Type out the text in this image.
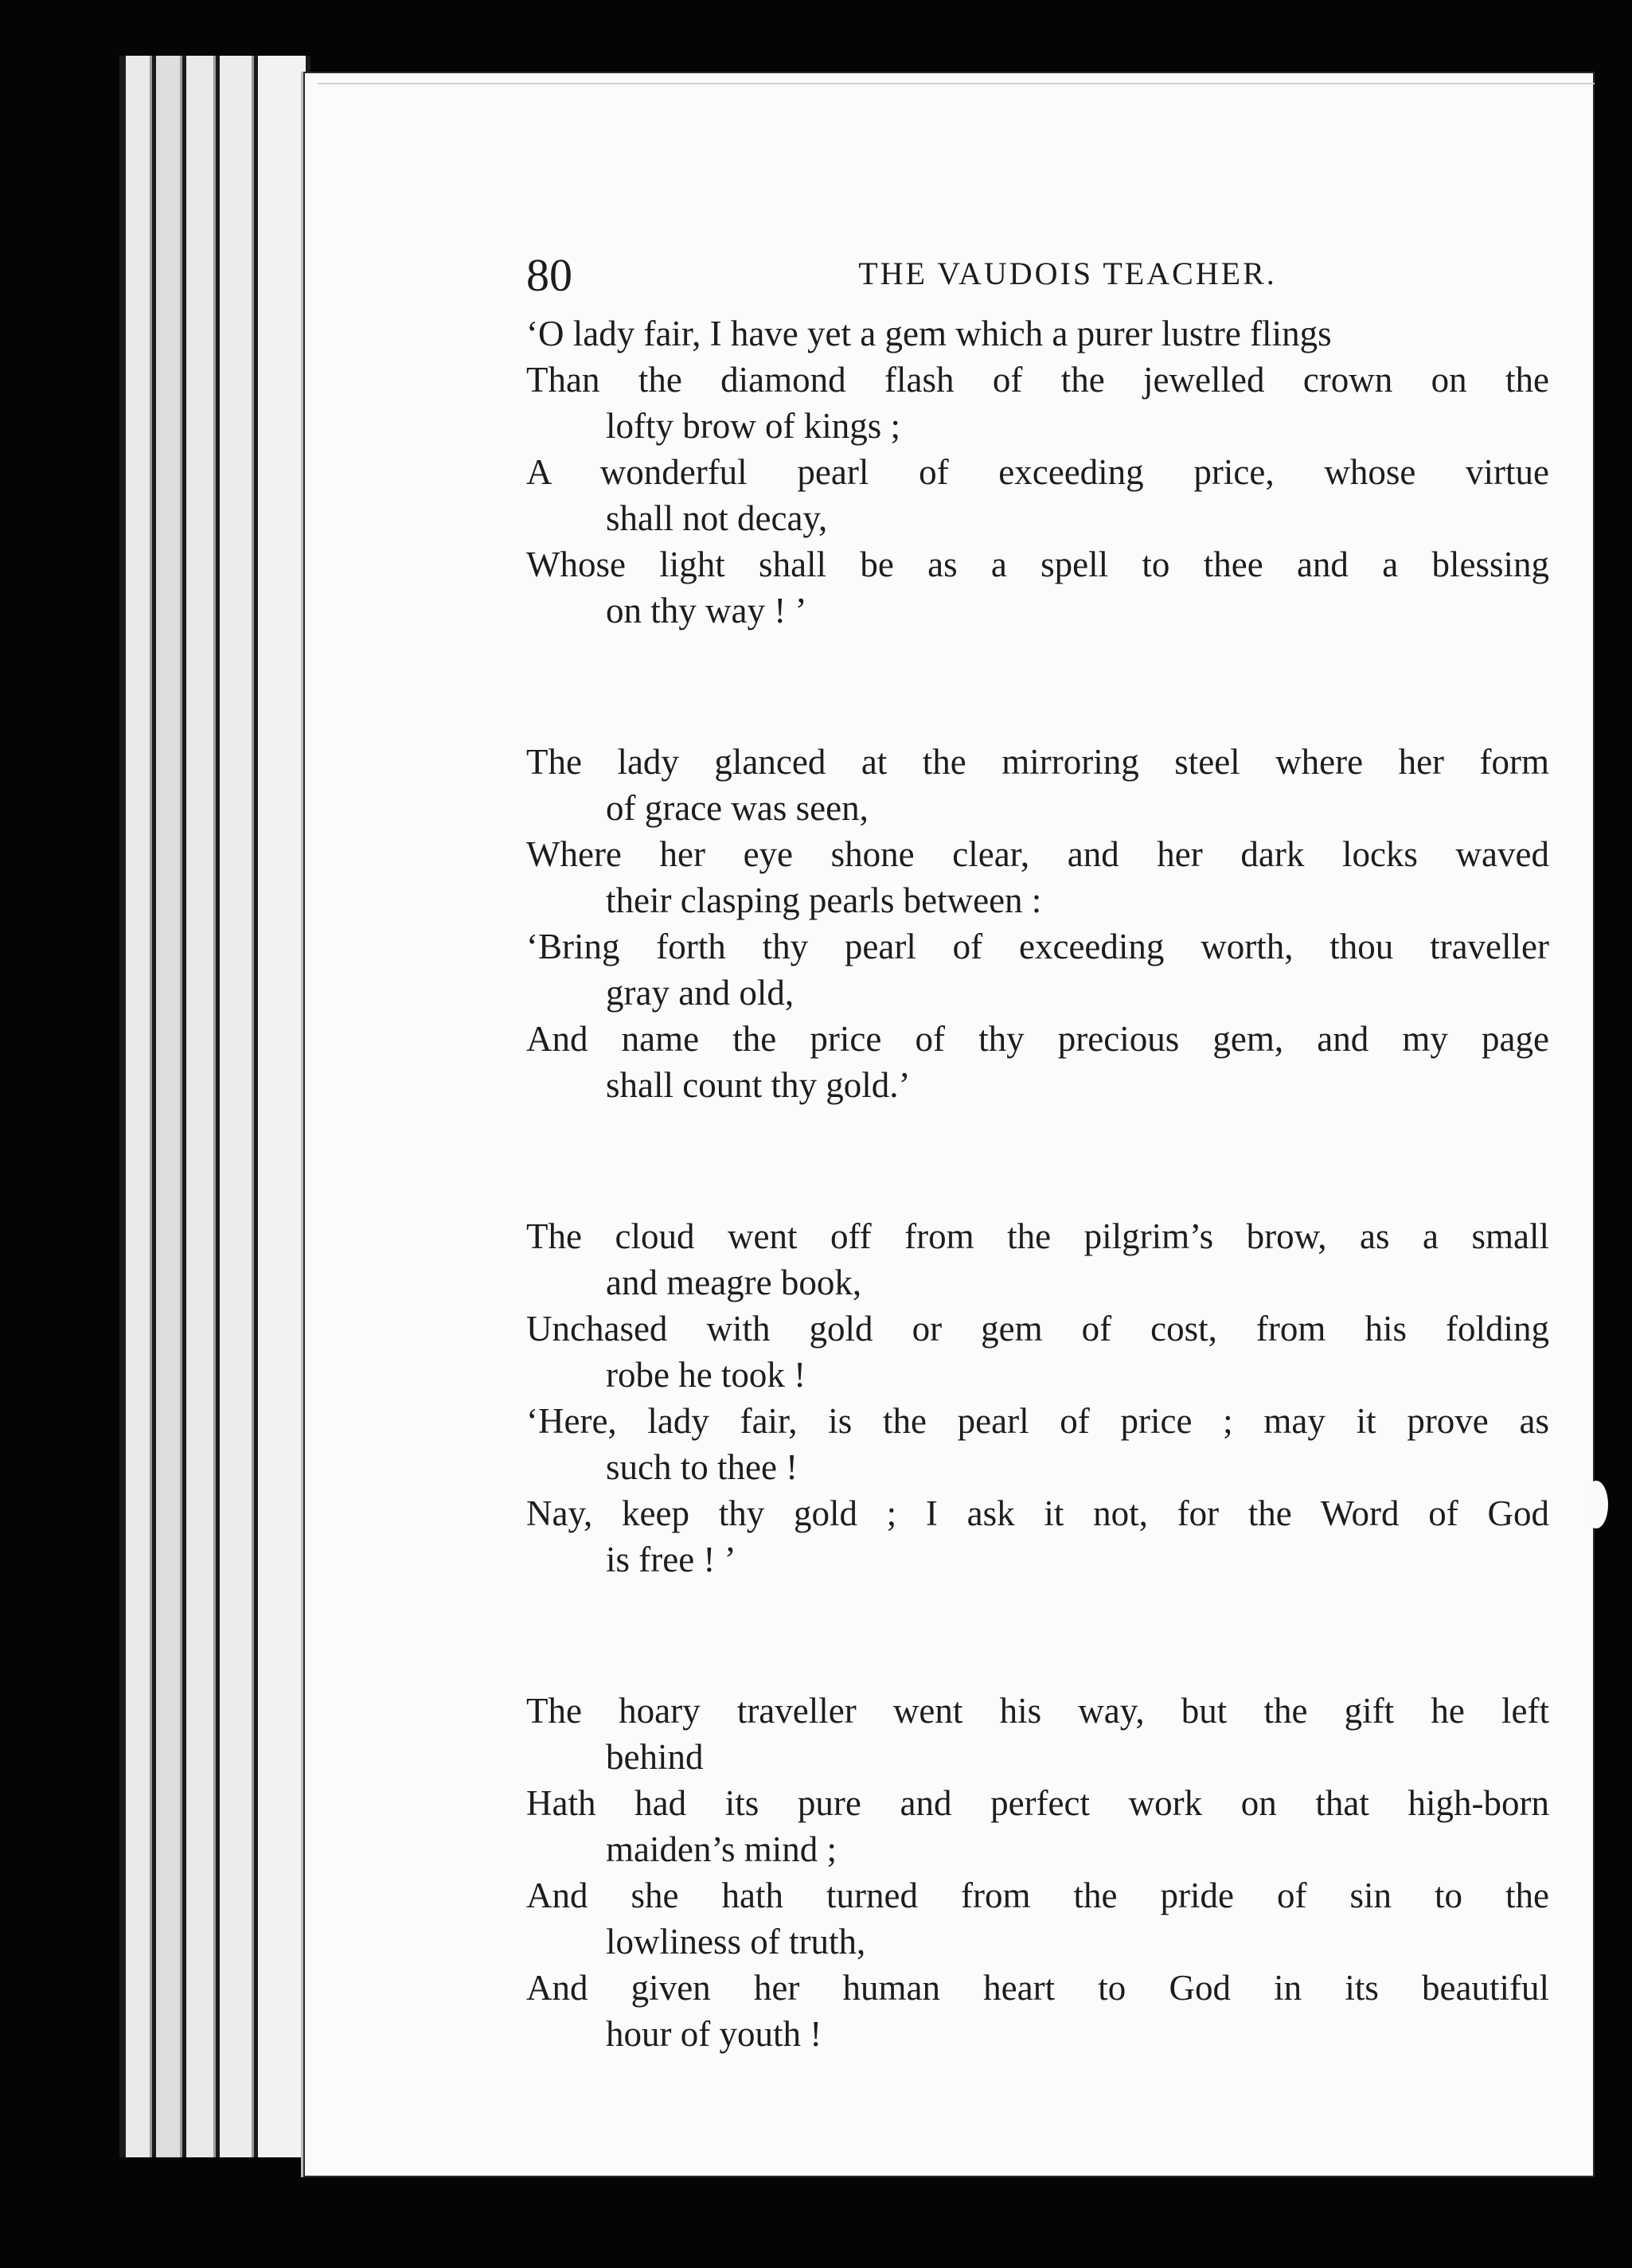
80	THE VAUDOIS TEACHER.
‘O lady fair, I have yet a gem which a purer lustre flings
Than the diamond flash of the jewelled crown on the
lofty brow of kings ;
A wonderful pearl of exceeding price, whose virtue
shall not decay,
Whose light shall be as a spell to thee and a blessing
on thy way ! ’
The lady glanced at the mirroring steel where her form
of grace was seen,
Where her eye shone clear, and her dark locks waved
their clasping pearls between :
‘Bring forth thy pearl of exceeding worth, thou traveller
gray and old,
And name the price of thy precious gem, and my page
shall count thy gold.’
The cloud went off from the pilgrim’s brow, as a small
and meagre book,
Unchased with gold or gem of cost, from his folding
robe he took !
‘Here, lady fair, is the pearl of price ; may it prove as
such to thee !
Nay, keep thy gold ; I ask it not, for the Word of God
is free ! ’
The hoary traveller went his way, but the gift he left
behind
Hath had its pure and perfect work on that high-born
maiden’s mind ;
And she hath turned from the pride of sin to the
lowliness of truth,
And given her human heart to God in its beautiful
hour of youth !
